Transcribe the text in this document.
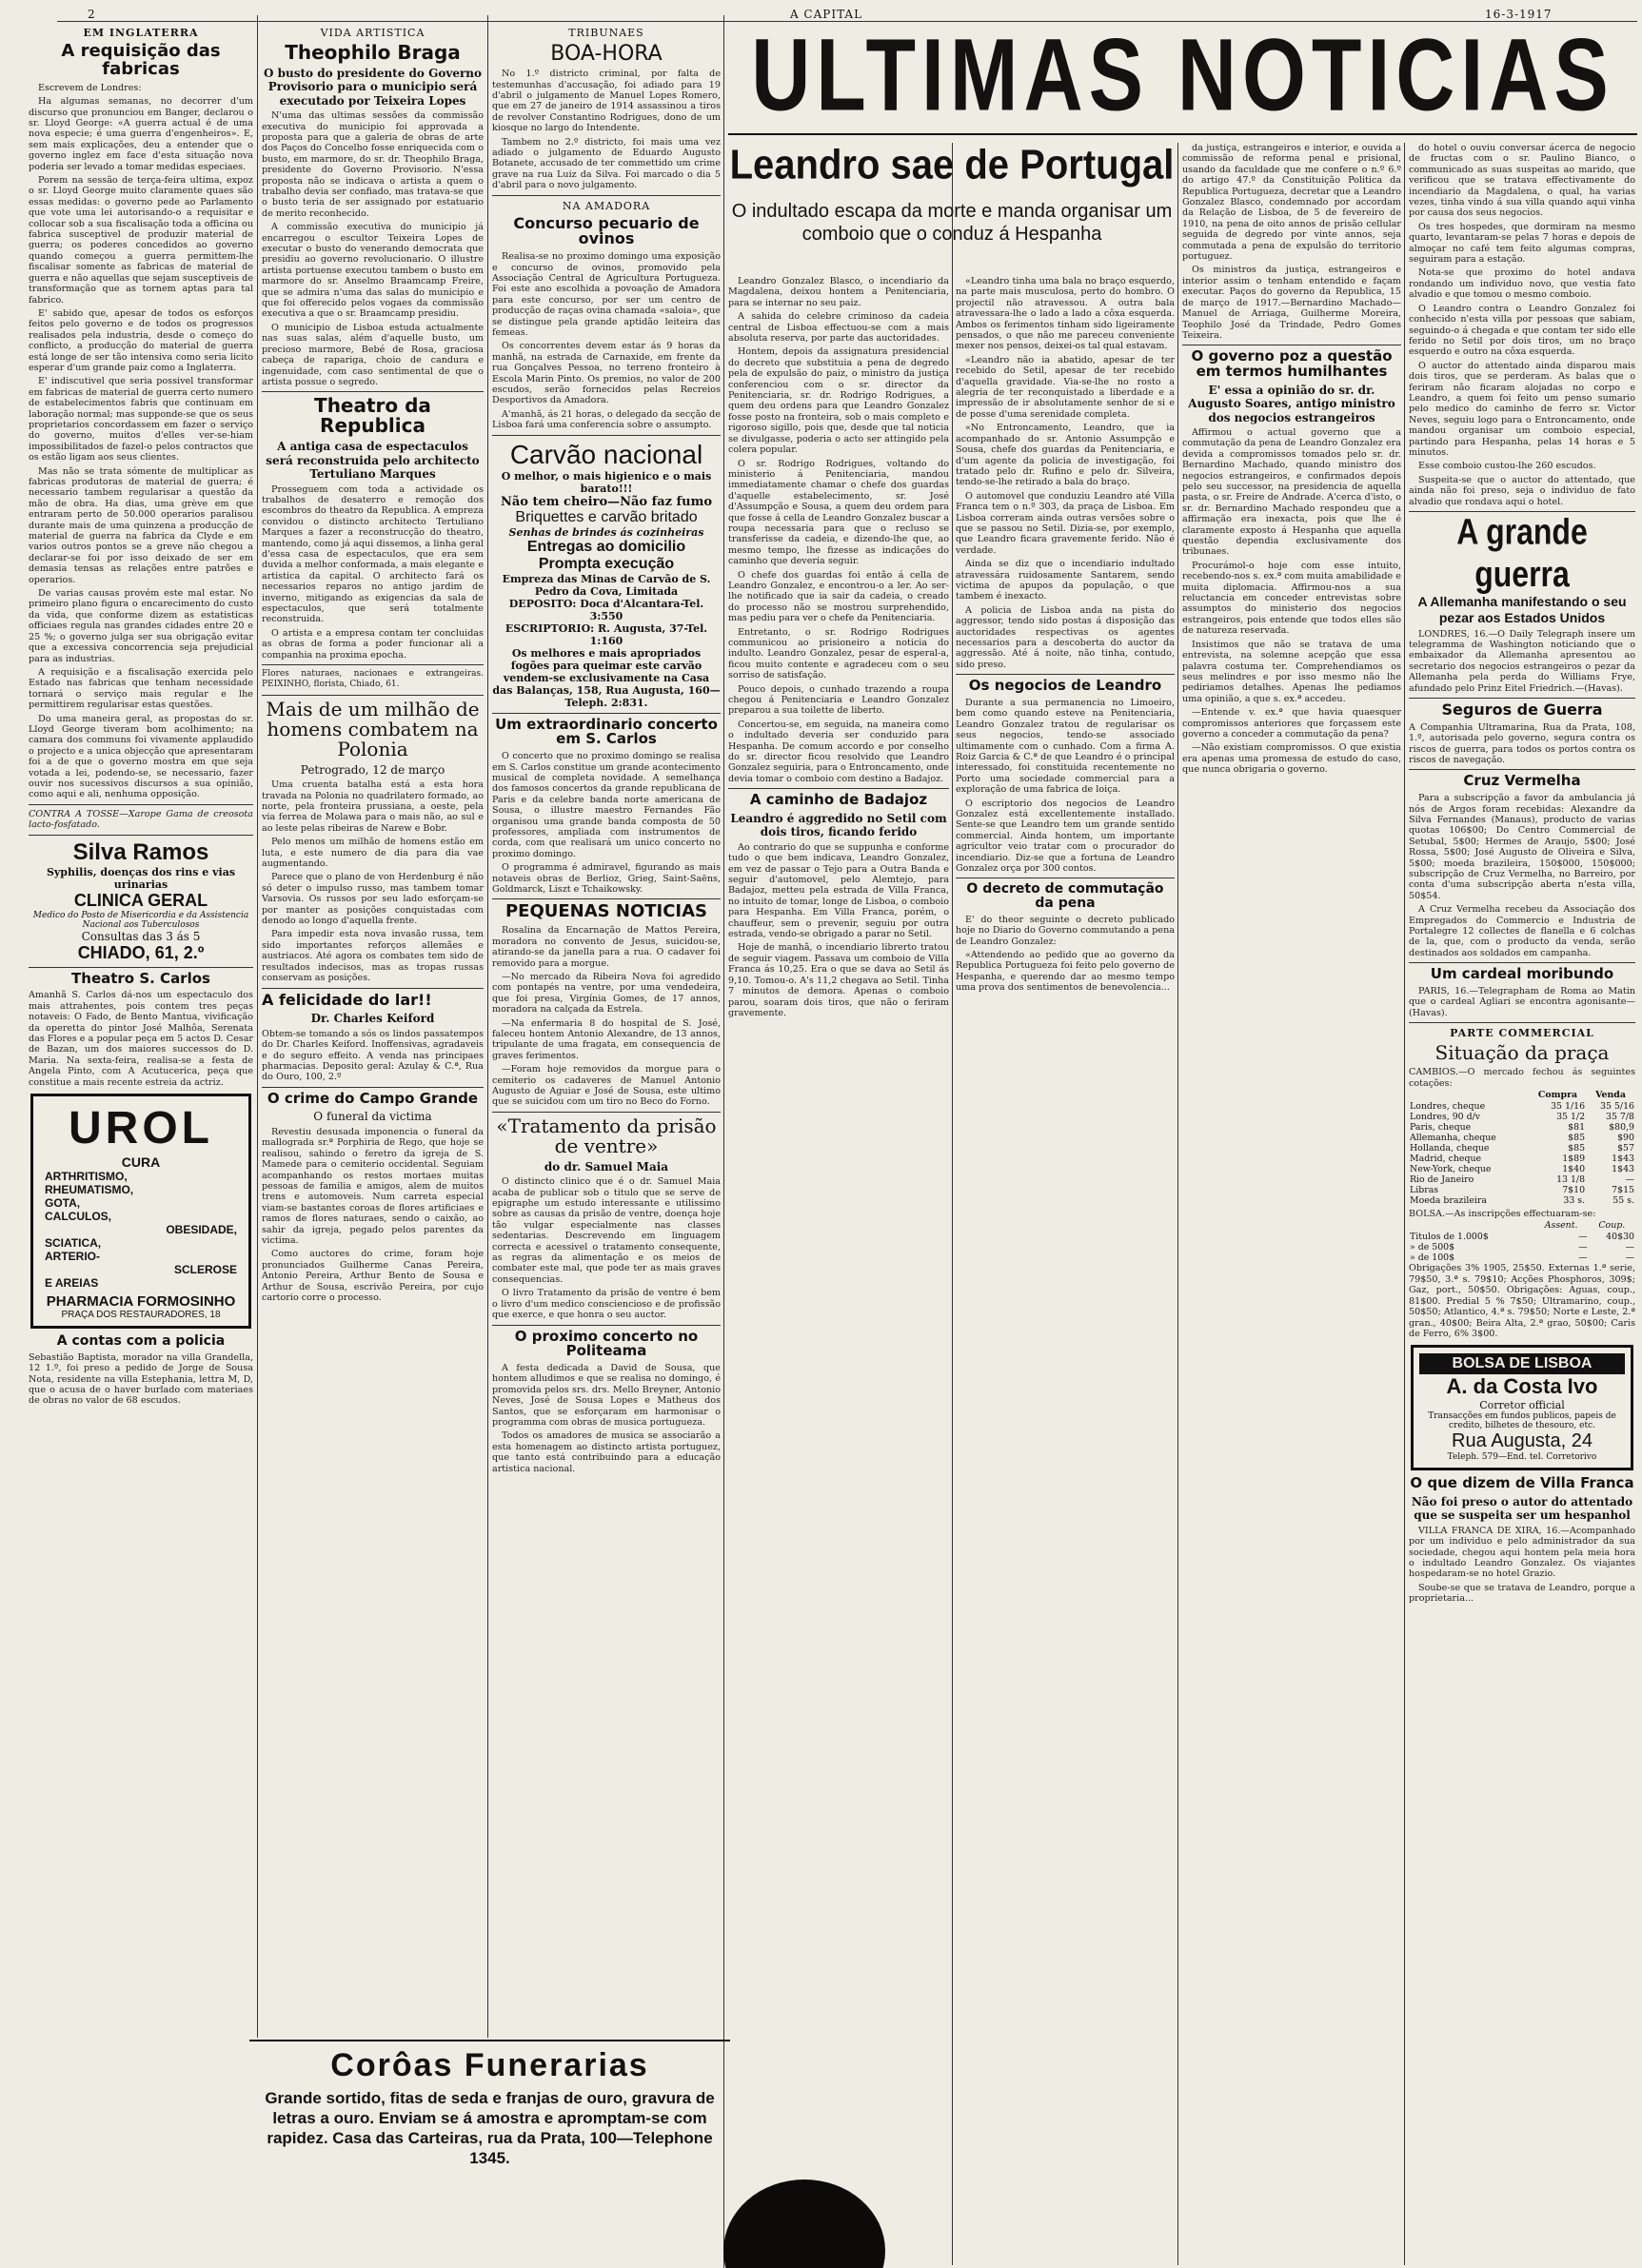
2	A CAPITAL	16-3-1917
EM INGLATERRA
A requisição das fabricas

Escrevem de Londres:

Ha algumas semanas, no decorrer d'um discurso que pronunciou em Banger, declarou o sr. Lloyd George: «A guerra actual é de uma nova especie; é uma guerra d'engenheiros». E, sem mais explicações, deu a entender que o governo inglez em face d'esta situação nova poderia ser levado a tomar medidas especiaes.

Porem na sessão de terça-feira ultima, expoz o sr. Lloyd George muito claramente quaes são essas medidas: o governo pede ao Parlamento que vote uma lei autorisando-o a requisitar e collocar sob a sua fiscalisação toda a officina ou fabrica susceptivel de produzir material de guerra; os poderes concedidos ao governo quando começou a guerra permittem-lhe fiscalisar somente as fabricas de material de guerra e não aquellas que sejam susceptiveis de transformação que as tornem aptas para tal fabrico.

E' sabido que, apesar de todos os esforços feitos pelo governo e de todos os progressos realisados pela industria, desde o começo do conflicto, a producção do material de guerra está longe de ser tão intensiva como seria licito esperar d'um grande paiz como a Inglaterra.

E' indiscutivel que seria possivel transformar em fabricas de material de guerra certo numero de estabelecimentos fabris que continuam em laboração normal; mas supponde-se que os seus proprietarios concordassem em fazer o serviço do governo, muitos d'elles ver-se-hiam impossibilitados de fazel-o pelos contractos que os estão ligam aos seus clientes.

Mas não se trata sómente de multiplicar as fabricas produtoras de material de guerra; é necessario tambem regularisar a questão da mão de obra. Ha dias, uma grève em que entraram perto de 50.000 operarios paralisou durante mais de uma quinzena a producção de material de guerra na fabrica da Clyde e em varios outros pontos se a greve não chegou a declarar-se foi por isso deixado de ser em demasia tensas as relações entre patrões e operarios.

De varias causas provém este mal estar. No primeiro plano figura o encarecimento do custo da vida, que conforme dizem as estatisticas officiaes regula nas grandes cidades entre 20 e 25 %; o governo julga ser sua obrigação evitar que a excessiva concorrencia seja prejudicial para as industrias.

A requisição e a fiscalisação exercida pelo Estado nas fabricas que tenham necessidade tornará o serviço mais regular e lhe permittirem regularisar estas questões.

Do uma maneira geral, as propostas do sr. Lloyd George tiveram bom acolhimento; na camara dos communs foi vivamente applaudido o projecto e a unica objecção que apresentaram foi a de que o governo mostra em que seja votada a lei, podendo-se, se necessario, fazer ouvir nos sucessivos discursos a sua opinião, como aqui e ali, nenhuma opposição.

CONTRA A TOSSE—Xarope Gama de creosota lacto-fosfatado.
Silva Ramos
Syphilis, doenças dos rins e vias urinarias
CLINICA GERAL
Medico do Posto de Misericordia e da Assistencia Nacional aos Tuberculosos
Consultas das 3 ás 5
CHIADO, 61, 2.º
Theatro S. Carlos
Amanhã S. Carlos dá-nos um espectaculo dos mais attrahentes, pois contem tres peças notaveis: O Fado, de Bento Mantua, vivificação da operetta do pintor José Malhôa, Serenata das Flores e a popular peça em 5 actos D. Cesar de Bazan, um dos maiores successos do D. Maria. Na sexta-feira, realisa-se a festa de Angela Pinto, com A Acutucerica, peça que constitue a mais recente estreia da actriz.
UROL
CURA
ARTHRITISMO,
RHEUMATISMO,
GOTA,
CALCULOS,
OBESIDADE,
SCIATICA,
ARTERIO-
SCLEROSE
E AREIAS
PHARMACIA FORMOSINHO
PRAÇA DOS RESTAURADORES, 18
A contas com a policia
Sebastião Baptista, morador na villa Grandella, 12 1.º, foi preso a pedido de Jorge de Sousa Nota, residente na villa Estephania, lettra M, D, que o acusa de o haver burlado com materiaes de obras no valor de 68 escudos.
VIDA ARTISTICA
Theophilo Braga
O busto do presidente do Governo Provisorio para o municipio será executado por Teixeira Lopes

N'uma das ultimas sessões da commissão executiva do municipio foi approvada a proposta para que a galeria de obras de arte dos Paços do Concelho fosse enriquecida com o busto, em marmore, do sr. dr. Theophilo Braga, presidente do Governo Provisorio. N'essa proposta não se indicava o artista a quem o trabalho devia ser confiado, mas tratava-se que o busto teria de ser assignado por estatuario de merito reconhecido.

A commissão executiva do municipio já encarregou o escultor Teixeira Lopes de executar o busto do venerando democrata que presidiu ao governo revolucionario. O illustre artista portuense executou tambem o busto em marmore do sr. Anselmo Braamcamp Freire, que se admira n'uma das salas do municipio e que foi offerecido pelos vogaes da commissão executiva a que o sr. Braamcamp presidiu.

O municipio de Lisboa estuda actualmente nas suas salas, além d'aquelle busto, um precioso marmore, Bebé de Rosa, graciosa cabeça de rapariga, choio de candura e ingenuidade, com caso sentimental de que o artista possue o segredo.

Theatro da Republica
A antiga casa de espectaculos será reconstruida pelo architecto Tertuliano Marques

Prosseguem com toda a actividade os trabalhos de desaterro e remoção dos escombros do theatro da Republica. A empreza convidou o distincto architecto Tertuliano Marques a fazer a reconstrucção do theatro, mantendo, como já aqui dissemos, a linha geral d'essa casa de espectaculos, que era sem duvida a melhor conformada, a mais elegante e artistica da capital. O architecto fará os necessarios reparos no antigo jardim de inverno, mitigando as exigencias da sala de espectaculos, que será totalmente reconstruida.

O artista e a empresa contam ter concluidas as obras de forma a poder funcionar ali a companhia na proxima epocha.

Flores naturaes, nacionaes e extrangeiras. PEIXINHO, florista, Chiado, 61.
Mais de um milhão de homens combatem na Polonia
Petrogrado, 12 de março

Uma cruenta batalha está a esta hora travada na Polonia no quadrilatero formado, ao norte, pela fronteira prussiana, a oeste, pela via ferrea de Molawa para o mais não, ao sul e ao leste pelas ribeiras de Narew e Bobr.

Pelo menos um milhão de homens estão em luta, e este numero de dia para dia vae augmentando.

Parece que o plano de von Herdenburg é não só deter o impulso russo, mas tambem tomar Varsovia. Os russos por seu lado esforçam-se por manter as posições conquistadas com denodo ao longo d'aquella frente.

Para impedir esta nova invasão russa, tem sido importantes reforços allemães e austriacos. Até agora os combates tem sido de resultados indecisos, mas as tropas russas conservam as posições.

A felicidade do lar!!
Dr. Charles Keiford
Obtem-se tomando a sós os lindos passatempos do Dr. Charles Keiford. Inoffensivas, agradaveis e do seguro effeito. A venda nas principaes pharmacias. Deposito geral: Azulay & C.ª, Rua do Ouro, 100, 2.º
O crime do Campo Grande
O funeral da victima

Revestiu desusada imponencia o funeral da mallograda sr.ª Porphiria de Rego, que hoje se realisou, sahindo o feretro da igreja de S. Mamede para o cemiterio occidental. Seguiam acompanhando os restos mortaes muitas pessoas de familia e amigos, alem de muitos trens e automoveis. Num carreta especial viam-se bastantes coroas de flores artificiaes e ramos de flores naturaes, sendo o caixão, ao sahir da igreja, pegado pelos parentes da victima.

Como auctores do crime, foram hoje pronunciados Guilherme Canas Pereira, Antonio Pereira, Arthur Bento de Sousa e Arthur de Sousa, escrivão Pereira, por cujo cartorio corre o processo.

TRIBUNAES
BOA-HORA

No 1.º districto criminal, por falta de testemunhas d'accusação, foi adiado para 19 d'abril o julgamento de Manuel Lopes Romero, que em 27 de janeiro de 1914 assassinou a tiros de revolver Constantino Rodrigues, dono de um kiosque no largo do Intendente.

Tambem no 2.º districto, foi mais uma vez adiado o julgamento de Eduardo Augusto Botanete, accusado de ter commettido um crime grave na rua Luiz da Silva. Foi marcado o dia 5 d'abril para o novo julgamento.

NA AMADORA
Concurso pecuario de ovinos

Realisa-se no proximo domingo uma exposição e concurso de ovinos, promovido pela Associação Central de Agricultura Portugueza. Foi este ano escolhida a povoação de Amadora para este concurso, por ser um centro de producção de raças ovina chamada «saloia», que se distingue pela grande aptidão leiteira das femeas.

Os concorrentes devem estar ás 9 horas da manhã, na estrada de Carnaxide, em frente da rua Gonçalves Pessoa, no terreno fronteiro à Escola Marin Pinto. Os premios, no valor de 200 escudos, serão fornecidos pelas Recreios Desportivos da Amadora.

A'manhã, ás 21 horas, o delegado da secção de Lisboa fará uma conferencia sobre o assumpto.

Carvão nacional
O melhor, o mais higienico e o mais barato!!!
Não tem cheiro—Não faz fumo
Briquettes e carvão britado
Senhas de brindes ás cozinheiras
Entregas ao domicilio
Prompta execução
Empreza das Minas de Carvão de S. Pedro da Cova, Limitada
DEPOSITO: Doca d'Alcantara-Tel. 3:550
ESCRIPTORIO: R. Augusta, 37-Tel. 1:160
Os melhores e mais apropriados fogões para queimar este carvão vendem-se exclusivamente na Casa das Balanças, 158, Rua Augusta, 160—Teleph. 2:831.
Um extraordinario concerto em S. Carlos

O concerto que no proximo domingo se realisa em S. Carlos constitue um grande acontecimento musical de completa novidade. A semelhança dos famosos concertos da grande republicana de Paris e da celebre banda norte americana de Sousa, o illustre maestro Fernandes Fão organisou uma grande banda composta de 50 professores, ampliada com instrumentos de corda, com que realisará um unico concerto no proximo domingo.

O programma é admiravel, figurando as mais notaveis obras de Berlioz, Grieg, Saint-Saëns, Goldmarck, Liszt e Tchaikowsky.

PEQUENAS NOTICIAS

Rosalina da Encarnação de Mattos Pereira, moradora no convento de Jesus, suicidou-se, atirando-se da janella para a rua. O cadaver foi removido para a morgue.

—No mercado da Ribeira Nova foi agredido com pontapés na ventre, por uma vendedeira, que foi presa, Virgínia Gomes, de 17 annos, moradora na calçada da Estrela.

—Na enfermaria 8 do hospital de S. José, faleceu hontem Antonio Alexandre, de 13 annos, tripulante de uma fragata, em consequencia de graves ferimentos.

—Foram hoje removidos da morgue para o cemiterio os cadaveres de Manuel Antonio Augusto de Aguiar e José de Sousa, este ultimo que se suicidou com um tiro no Beco do Forno.

«Tratamento da prisão de ventre»
do dr. Samuel Maia

O distincto clinico que é o dr. Samuel Maia acaba de publicar sob o titulo que se serve de epigraphe um estudo interessante e utilissimo sobre as causas da prisão de ventre, doença hoje tão vulgar especialmente nas classes sedentarias. Descrevendo em linguagem correcta e acessivel o tratamento consequente, as regras da alimentação e os meios de combater este mal, que pode ter as mais graves consequencias.

O livro Tratamento da prisão de ventre é bem o livro d'um medico consciencioso e de profissão que exerce, e que honra o seu auctor.

O proximo concerto no Politeama

A festa dedicada a David de Sousa, que hontem alludimos e que se realisa no domingo, é promovida pelos srs. drs. Mello Breyner, Antonio Neves, José de Sousa Lopes e Matheus dos Santos, que se esforçaram em harmonisar o programma com obras de musica portugueza.

Todos os amadores de musica se associarão a esta homenagem ao distincto artista portuguez, que tanto está contribuindo para a educação artistica nacional.

Corôas Funerarias
Grande sortido, fitas de seda e franjas de ouro, gravura de letras a ouro. Enviam se á amostra e apromptam-se com rapidez. Casa das Carteiras, rua da Prata, 100—Telephone 1345.
ULTIMAS NOTICIAS
Leandro sae de Portugal
O indultado escapa da morte e manda organisar um comboio que o conduz á Hespanha

Leandro Gonzalez Blasco, o incendiario da Magdalena, deixou hontem a Penitenciaria, para se internar no seu paiz.

A sahida do celebre criminoso da cadeia central de Lisboa effectuou-se com a mais absoluta reserva, por parte das auctoridades.

Hontem, depois da assignatura presidencial do decreto que substituia a pena de degredo pela de expulsão do paiz, o ministro da justiça conferenciou com o sr. director da Penitenciaria, sr. dr. Rodrigo Rodrigues, a quem deu ordens para que Leandro Gonzalez fosse posto na fronteira, sob o mais completo e rigoroso sigillo, pois que, desde que tal noticia se divulgasse, poderia o acto ser attingido pela colera popular.

O sr. Rodrigo Rodrigues, voltando do ministerio á Penitenciaria, mandou immediatamente chamar o chefe dos guardas d'aquelle estabelecimento, sr. José d'Assumpção e Sousa, a quem deu ordem para que fosse á cella de Leandro Gonzalez buscar a roupa necessaria para que o recluso se transferisse da cadeia, e dizendo-lhe que, ao mesmo tempo, lhe fizesse as indicações do caminho que deveria seguir.

O chefe dos guardas foi então á cella de Leandro Gonzalez, e encontrou-o a ler. Ao ser-lhe notificado que ia sair da cadeia, o creado do processo não se mostrou surprehendido, mas pediu para ver o chefe da Penitenciaria.

Entretanto, o sr. Rodrigo Rodrigues communicou ao prisioneiro a noticia do indulto. Leandro Gonzalez, pesar de esperal-a, ficou muito contente e agradeceu com o seu sorriso de satisfação.

Pouco depois, o cunhado trazendo a roupa chegou á Penitenciaria e Leandro Gonzalez preparou a sua toilette de liberto.

Concertou-se, em seguida, na maneira como o indultado deveria ser conduzido para Hespanha. De comum accordo e por conselho do sr. director ficou resolvido que Leandro Gonzalez seguiria, para o Entroncamento, onde devia tomar o comboio com destino a Badajoz.

A caminho de Badajoz
Leandro é aggredido no Setil com dois tiros, ficando ferido

Ao contrario do que se suppunha e conforme tudo o que bem indicava, Leandro Gonzalez, em vez de passar o Tejo para a Outra Banda e seguir d'automovel, pelo Alemtejo, para Badajoz, metteu pela estrada de Villa Franca, no intuito de tomar, longe de Lisboa, o comboio para Hespanha. Em Villa Franca, porém, o chauffeur, sem o prevenir, seguiu por outra estrada, vendo-se obrigado a parar no Setil.

Hoje de manhã, o incendiario librerto tratou de seguir viagem. Passava um comboio de Villa Franca ás 10,25. Era o que se dava ao Setil ás 9,10. Tomou-o. A's 11,2 chegava ao Setil. Tinha 7 minutos de demora. Apenas o comboio parou, soaram dois tiros, que não o feriram gravemente.

«Leandro tinha uma bala no braço esquerdo, na parte mais musculosa, perto do hombro. O projectil não atravessou. A outra bala atravessara-lhe o lado a lado a côxa esquerda. Ambos os ferimentos tinham sido ligeiramente pensados, o que não me pareceu conveniente mexer nos pensos, deixei-os tal qual estavam.

«Leandro não ia abatido, apesar de ter recebido do Setil, apesar de ter recebido d'aquella gravidade. Via-se-lhe no rosto a alegria de ter reconquistado a liberdade e a impressão de ir absolutamente senhor de si e de posse d'uma serenidade completa.

«No Entroncamento, Leandro, que ia acompanhado do sr. Antonio Assumpção e Sousa, chefe dos guardas da Penitenciaria, e d'um agente da policia de investigação, foi tratado pelo dr. Rufino e pelo dr. Silveira, tendo-se-lhe retirado a bala do braço.

O automovel que conduziu Leandro até Villa Franca tem o n.º 303, da praça de Lisboa. Em Lisboa correram ainda outras versões sobre o que se passou no Setil. Dizia-se, por exemplo, que Leandro ficara gravemente ferido. Não é verdade.

Ainda se diz que o incendiario indultado atravessára ruidosamente Santarem, sendo victima de apupos da população, o que tambem é inexacto.

A policia de Lisboa anda na pista do aggressor, tendo sido postas á disposição das auctoridades respectivas os agentes necessarios para a descoberta do auctor da aggressão. Até á noite, não tinha, contudo, sido preso.

Os negocios de Leandro

Durante a sua permanencia no Limoeiro, bem como quando esteve na Penitenciaria, Leandro Gonzalez tratou de regularisar os seus negocios, tendo-se associado ultimamente com o cunhado. Com a firma A. Roiz Garcia & C.ª de que Leandro é o principal interessado, foi constituida recentemente no Porto uma sociedade commercial para a exploração de uma fabrica de loiça.

O escriptorio dos negocios de Leandro Gonzalez está excellentemente installado. Sente-se que Leandro tem um grande sentido commercial. Ainda hontem, um importante agricultor veio tratar com o procurador do incendiario. Diz-se que a fortuna de Leandro Gonzalez orça por 300 contos.

O decreto de commutação da pena

E' do theor seguinte o decreto publicado hoje no Diario do Governo commutando a pena de Leandro Gonzalez:

«Attendendo ao pedido que ao governo da Republica Portugueza foi feito pelo governo de Hespanha, e querendo dar ao mesmo tempo uma prova dos sentimentos de benevolencia...

da justiça, estrangeiros e interior, e ouvida a commissão de reforma penal e prisional, usando da faculdade que me confere o n.º 6.º do artigo 47.º da Constituição Politica da Republica Portugueza, decretar que a Leandro Gonzalez Blasco, condemnado por accordam da Relação de Lisboa, de 5 de fevereiro de 1910, na pena de oito annos de prisão cellular seguida de degredo por vinte annos, seja commutada a pena de expulsão do territorio portuguez.

Os ministros da justiça, estrangeiros e interior assim o tenham entendido e façam executar. Paços do governo da Republica, 15 de março de 1917.—Bernardino Machado—Manuel de Arriaga, Guilherme Moreira, Teophilo José da Trindade, Pedro Gomes Teixeira.

O governo poz a questão em termos humilhantes
E' essa a opinião do sr. dr. Augusto Soares, antigo ministro dos negocios estrangeiros

Affirmou o actual governo que a commutação da pena de Leandro Gonzalez era devida a compromissos tomados pelo sr. dr. Bernardino Machado, quando ministro dos negocios estrangeiros, e confirmados depois pelo seu successor, na presidencia de aquella pasta, o sr. Freire de Andrade. A'cerca d'isto, o sr. dr. Bernardino Machado respondeu que a affirmação era inexacta, pois que lhe é claramente exposto á Hespanha que aquella questão dependia exclusivamente dos tribunaes.

Procurámol-o hoje com esse intuito, recebendo-nos s. ex.ª com muita amabilidade e muita diplomacia. Affirmou-nos a sua reluctancia em conceder entrevistas sobre assumptos do ministerio dos negocios estrangeiros, pois entende que todos elles são de natureza reservada.

Insistimos que não se tratava de uma entrevista, na solemne acepção que essa palavra costuma ter. Comprehendiamos os seus melindres e por isso mesmo não lhe pediriamos detalhes. Apenas lhe pediamos uma opinião, a que s. ex.ª accedeu.

—Entende v. ex.ª que havia quaesquer compromissos anteriores que forçassem este governo a conceder a commutação da pena?

—Não existiam compromissos. O que existia era apenas uma promessa de estudo do caso, que nunca obrigaria o governo.

do hotel o ouviu conversar ácerca de negocio de fructas com o sr. Paulino Bianco, o communicado as suas suspeitas ao marido, que verificou que se tratava effectivamente do incendiario da Magdalena, o qual, ha varias vezes, tinha vindo á sua villa quando aqui vinha por causa dos seus negocios.

Os tres hospedes, que dormiram na mesmo quarto, levantaram-se pelas 7 horas e depois de almoçar no café tem feito algumas compras, seguiram para a estação.

Nota-se que proximo do hotel andava rondando um individuo novo, que vestia fato alvadio e que tomou o mesmo comboio.

O Leandro contra o Leandro Gonzalez foi conhecido n'esta villa por pessoas que sabiam, seguindo-o á chegada e que contam ter sido elle ferido no Setil por dois tiros, um no braço esquerdo e outro na côxa esquerda.

O auctor do attentado ainda disparou mais dois tiros, que se perderam. As balas que o feriram não ficaram alojadas no corpo e Leandro, a quem foi feito um penso sumario pelo medico do caminho de ferro sr. Victor Neves, seguiu logo para o Entroncamento, onde mandou organisar um comboio especial, partindo para Hespanha, pelas 14 horas e 5 minutos.

Esse comboio custou-lhe 260 escudos.

Suspeita-se que o auctor do attentado, que ainda não foi preso, seja o individuo de fato alvadio que rondava aqui o hotel.

A grande guerra
A Allemanha manifestando o seu pezar aos Estados Unidos

LONDRES, 16.—O Daily Telegraph insere um telegramma de Washington noticiando que o embaixador da Allemanha apresentou ao secretario dos negocios estrangeiros o pezar da Allemanha pela perda do Williams Frye, afundado pelo Prinz Eitel Friedrich.—(Havas).

Seguros de Guerra
A Companhia Ultramarina, Rua da Prata, 108, 1.º, autorisada pelo governo, segura contra os riscos de guerra, para todos os portos contra os riscos de navegação.
Cruz Vermelha

Para a subscripção a favor da ambulancia já nós de Argos foram recebidas: Alexandre da Silva Fernandes (Manaus), producto de varias quotas 106$00; Do Centro Commercial de Setubal, 5$00; Hermes de Araujo, 5$00; José Rossa, 5$00; José Augusto de Oliveira e Silva, 5$00; moeda brazileira, 150$000, 150$000; subscripção de Cruz Vermelha, no Barreiro, por conta d'uma subscripção aberta n'esta villa, 50$54.

A Cruz Vermelha recebeu da Associação dos Empregados do Commercio e Industria de Portalegre 12 collectes de flanella e 6 colchas de la, que, com o producto da venda, serão destinados aos soldados em campanha.

Um cardeal moribundo

PARIS, 16.—Telegrapham de Roma ao Matin que o cardeal Agliari se encontra agonisante—(Havas).

PARTE COMMERCIAL
Situação da praça
CAMBIOS.—O mercado fechou ás seguintes cotações:
	Compra	Venda
Londres, cheque	35 1/16	35 5/16
Londres, 90 d/v	35 1/2	35 7/8
Paris, cheque	$81	$80,9
Allemanha, cheque	$85	$90
Hollanda, cheque	$85	$57
Madrid, cheque	1$89	1$43
New-York, cheque	1$40	1$43
Rio de Janeiro	13 1/8	—
Libras	7$10	7$15
Moeda brazileira	33 s.	55 s.
BOLSA.—As inscripções effectuaram-se:
	Assent.	Coup.
Titulos de 1.000$	—	40$30
» de 500$	—	—
» de 100$	—	—
Obrigações 3% 1905, 25$50. Externas 1.ª serie, 79$50, 3.ª s. 79$10; Acções Phosphoros, 309$; Gaz, port., 50$50. Obrigações: Aguas, coup., 81$00. Predial 5 % 7$50; Ultramarino, coup., 50$50; Atlantico, 4.ª s. 79$50; Norte e Leste, 2.ª gran., 40$00; Beira Alta, 2.ª grao, 50$00; Caris de Ferro, 6% 3$00.
BOLSA DE LISBOA
A. da Costa Ivo
Corretor official
Transacções em fundos publicos, papeis de credito, bilhetes de thesouro, etc.
Rua Augusta, 24
Teleph. 579—End. tel. Corretorivo
O que dizem de Villa Franca
Não foi preso o autor do attentado que se suspeita ser um hespanhol

VILLA FRANCA DE XIRA, 16.—Acompanhado por um individuo e pelo administrador da sua sociedade, chegou aqui hontem pela meia hora o indultado Leandro Gonzalez. Os viajantes hospedaram-se no hotel Grazio.

Soube-se que se tratava de Leandro, porque a proprietaria...
